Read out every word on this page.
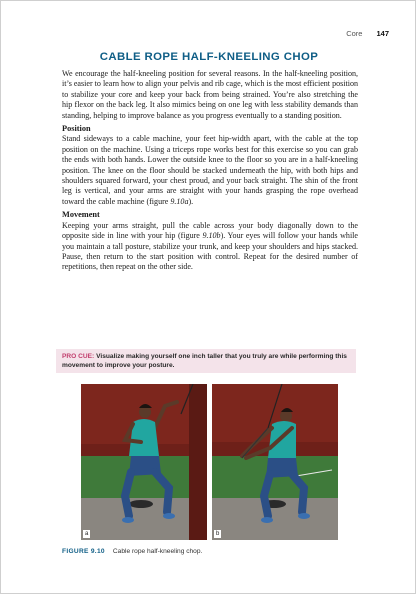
Core 147
CABLE ROPE HALF-KNEELING CHOP

We encourage the half-kneeling position for several reasons. In the half-kneeling position, it’s easier to learn how to align your pelvis and rib cage, which is the most efficient position to stabilize your core and keep your back from being strained. You’re also stretching the hip flexor on the back leg. It also mimics being on one leg with less stability demands than standing, helping to improve balance as you progress eventually to a standing position.

Position

Stand sideways to a cable machine, your feet hip-width apart, with the cable at the top position on the machine. Using a triceps rope works best for this exercise so you can grab the ends with both hands. Lower the outside knee to the floor so you are in a half-kneeling position. The knee on the floor should be stacked underneath the hip, with both hips and shoulders squared forward, your chest proud, and your back straight. The shin of the front leg is vertical, and your arms are straight with your hands grasping the rope overhead toward the cable machine (figure 9.10a).

Movement

Keeping your arms straight, pull the cable across your body diagonally down to the opposite side in line with your hip (figure 9.10b). Your eyes will follow your hands while you maintain a tall posture, stabilize your trunk, and keep your shoulders and hips stacked. Pause, then return to the start position with control. Repeat for the desired number of repetitions, then repeat on the other side.

PRO CUE: Visualize making yourself one inch taller that you truly are while performing this movement to improve your posture.
a	b
FIGURE 9.10 Cable rope half-kneeling chop.
